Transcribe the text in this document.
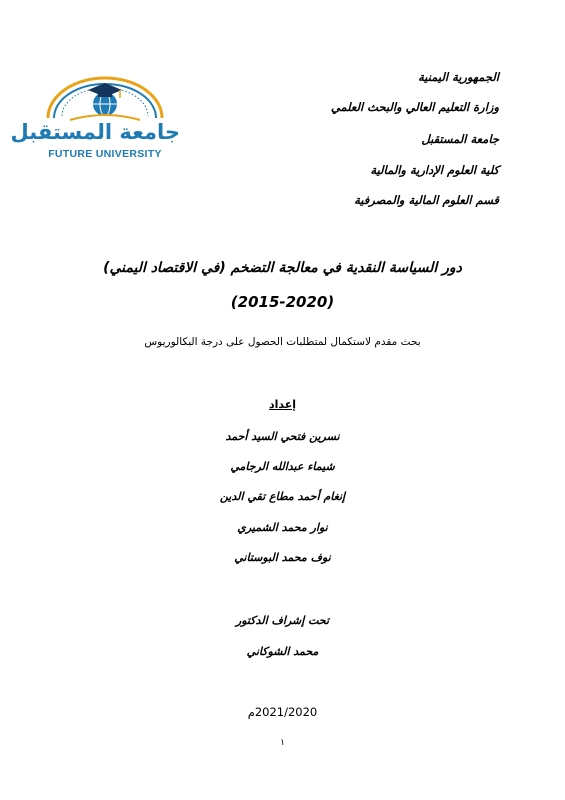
جامعة المستقبل
FUTURE UNIVERSITY
الجمهورية اليمنية
وزارة التعليم العالي والبحث العلمي
جامعة المستقبل
كلية العلوم الإدارية والمالية
قسم العلوم المالية والمصرفية
دور السياسة النقدية في معالجة التضخم (في الاقتصاد اليمني)
(2015-2020)
بحث مقدم لاستكمال لمتطلبات الحصول على درجة البكالوريوس
إعداد
نسرين فتحي السيد أحمد
شيماء عبدالله الرجامي
إنغام أحمد مطاع تقي الدين
نوار محمد الشميري
نوف محمد البوستاني
تحت إشراف الدكتور
محمد الشوكاني
2021/2020م
١
